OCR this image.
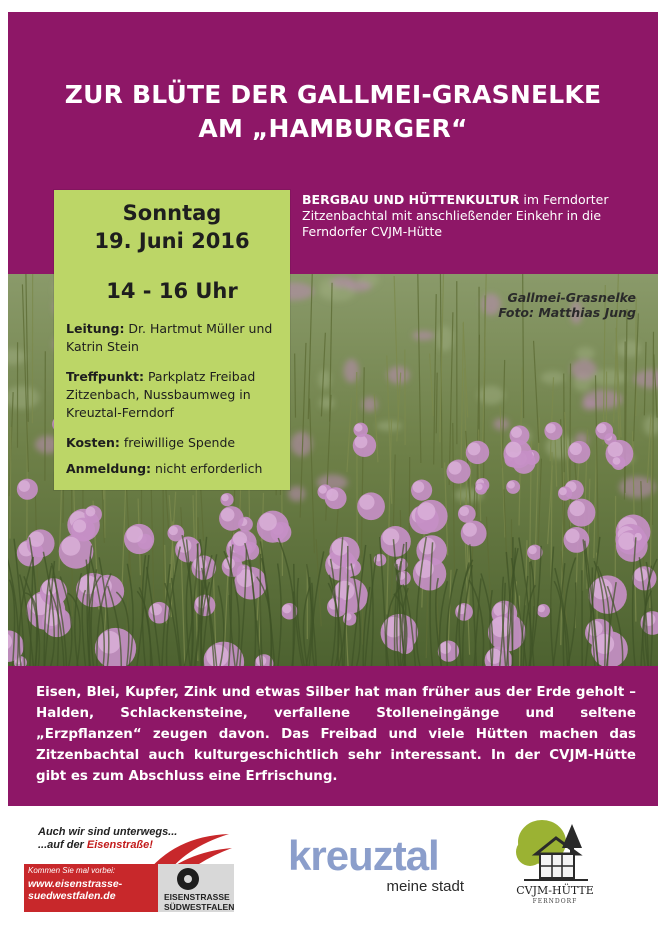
ZUR BLÜTE DER GALLMEI-GRASNELKE
AM „HAMBURGER“
BERGBAU UND HÜTTENKULTUR im Ferndorter Zitzenbachtal mit anschließender Einkehr in die Ferndorfer CVJM-Hütte
Gallmei-Grasnelke
Foto: Matthias Jung
Sonntag
19. Juni 2016
14 - 16 Uhr
Leitung: Dr. Hartmut Müller und Katrin Stein
Treffpunkt: Parkplatz Freibad Zitzenbach, Nussbaumweg in Kreuztal-Ferndorf
Kosten: freiwillige Spende
Anmeldung: nicht erforderlich
Eisen, Blei, Kupfer, Zink und etwas Silber hat man früher aus der Erde geholt – Halden, Schlackensteine, verfallene Stolleneingänge und seltene „Erzpflanzen“ zeugen davon. Das Freibad und viele Hütten machen das Zitzenbachtal auch kulturgeschichtlich sehr interessant. In der CVJM-Hütte gibt es zum Abschluss eine Erfrischung.
Auch wir sind unterwegs...
...auf der Eisenstraße!
Kommen Sie mal vorbei:
www.eisenstrasse-
suedwestfalen.de	EISENSTRASSE
SÜDWESTFALEN
kreuztal
meine stadt	CVJM-HÜTTE
FERNDORF
